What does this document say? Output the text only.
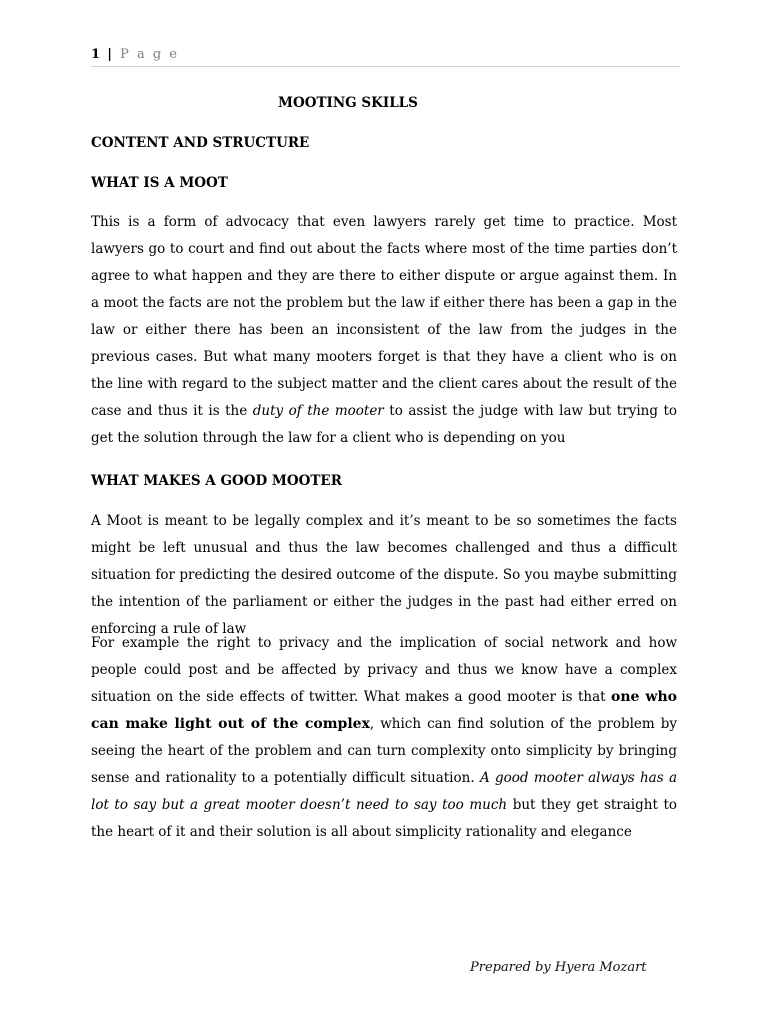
1 | P a g e
MOOTING SKILLS
CONTENT AND STRUCTURE
WHAT IS A MOOT
This is a form of advocacy that even lawyers rarely get time to practice. Most lawyers go to court and find out about the facts where most of the time parties don’t agree to what happen and they are there to either dispute or argue against them. In a moot the facts are not the problem but the law if either there has been a gap in the law or either there has been an inconsistent of the law from the judges in the previous cases. But what many mooters forget is that they have a client who is on the line with regard to the subject matter and the client cares about the result of the case and thus it is the duty of the mooter to assist the judge with law but trying to get the solution through the law for a client who is depending on you
WHAT MAKES A GOOD MOOTER
A Moot is meant to be legally complex and it’s meant to be so sometimes the facts might be left unusual and thus the law becomes challenged and thus a difficult situation for predicting the desired outcome of the dispute. So you maybe submitting the intention of the parliament or either the judges in the past had either erred on enforcing a rule of law
For example the right to privacy and the implication of social network and how people could post and be affected by privacy and thus we know have a complex situation on the side effects of twitter. What makes a good mooter is that one who can make light out of the complex, which can find solution of the problem by seeing the heart of the problem and can turn complexity onto simplicity by bringing sense and rationality to a potentially difficult situation. A good mooter always has a lot to say but a great mooter doesn’t need to say too much but they get straight to the heart of it and their solution is all about simplicity rationality and elegance
Prepared by Hyera Mozart
